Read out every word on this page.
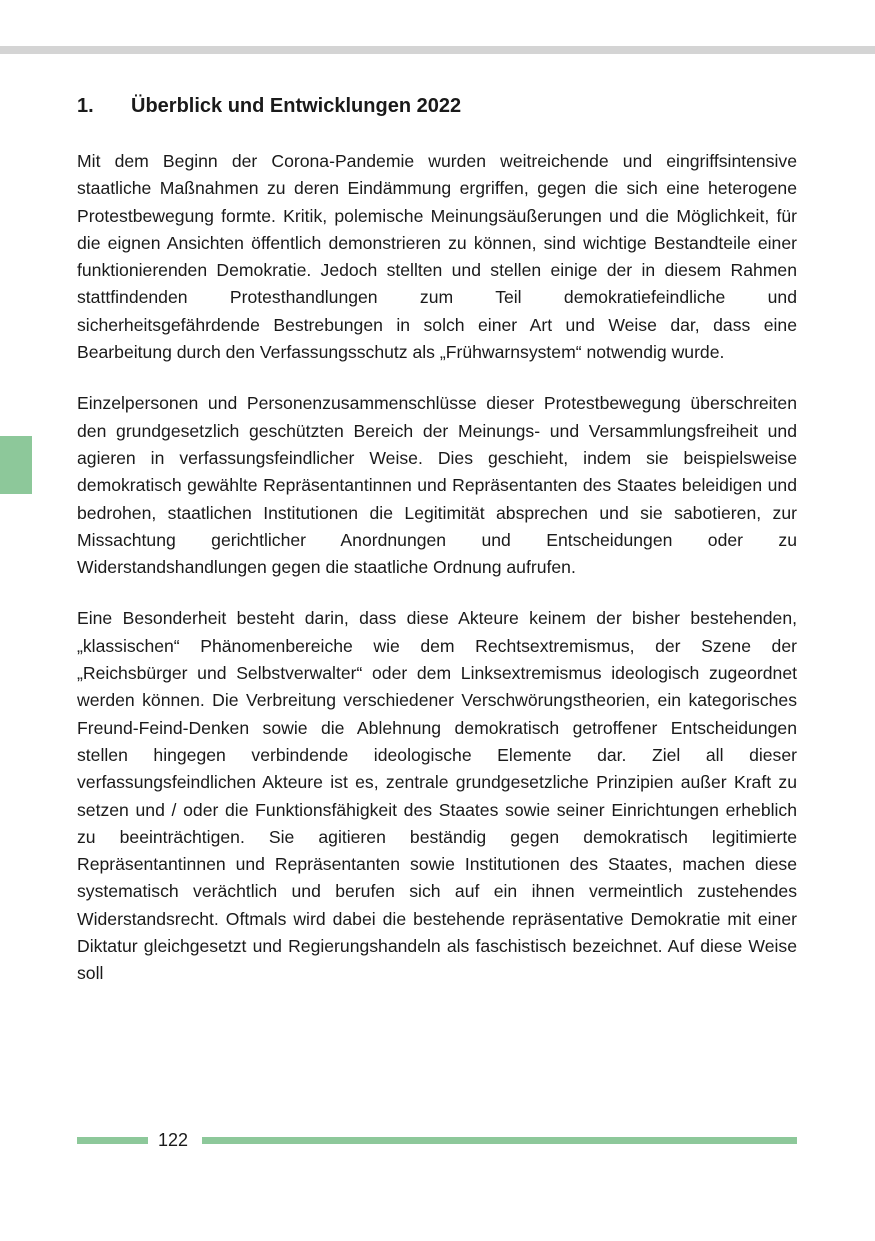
1.	Überblick und Entwicklungen 2022

Mit dem Beginn der Corona-Pandemie wurden weitreichende und eingriffsintensive staatliche Maßnahmen zu deren Eindämmung ergriffen, gegen die sich eine heterogene Protestbewegung formte. Kritik, polemische Meinungsäußerungen und die Möglichkeit, für die eignen Ansichten öffentlich demonstrieren zu können, sind wichtige Bestandteile einer funktionierenden Demokratie. Jedoch stellten und stellen einige der in diesem Rahmen stattfindenden Protesthandlungen zum Teil demokratiefeindliche und sicherheitsgefährdende Bestrebungen in solch einer Art und Weise dar, dass eine Bearbeitung durch den Verfassungsschutz als „Frühwarnsystem“ notwendig wurde.

Einzelpersonen und Personenzusammenschlüsse dieser Protestbewegung überschreiten den grundgesetzlich geschützten Bereich der Meinungs- und Versammlungsfreiheit und agieren in verfassungsfeindlicher Weise. Dies geschieht, indem sie beispielsweise demokratisch gewählte Repräsentantinnen und Repräsentanten des Staates beleidigen und bedrohen, staatlichen Institutionen die Legitimität absprechen und sie sabotieren, zur Missachtung gerichtlicher Anordnungen und Entscheidungen oder zu Widerstandshandlungen gegen die staatliche Ordnung aufrufen.

Eine Besonderheit besteht darin, dass diese Akteure keinem der bisher bestehenden, „klassischen“ Phänomenbereiche wie dem Rechtsextremismus, der Szene der „Reichsbürger und Selbstverwalter“ oder dem Linksextremismus ideologisch zugeordnet werden können. Die Verbreitung verschiedener Verschwörungstheorien, ein kategorisches Freund-Feind-Denken sowie die Ablehnung demokratisch getroffener Entscheidungen stellen hingegen verbindende ideologische Elemente dar. Ziel all dieser verfassungsfeindlichen Akteure ist es, zentrale grundgesetzliche Prinzipien außer Kraft zu setzen und / oder die Funktionsfähigkeit des Staates sowie seiner Einrichtungen erheblich zu beeinträchtigen. Sie agitieren beständig gegen demokratisch legitimierte Repräsentantinnen und Repräsentanten sowie Institutionen des Staates, machen diese systematisch verächtlich und berufen sich auf ein ihnen vermeintlich zustehendes Widerstandsrecht. Oftmals wird dabei die bestehende repräsentative Demokratie mit einer Diktatur gleichgesetzt und Regierungshandeln als faschistisch bezeichnet. Auf diese Weise soll

122
